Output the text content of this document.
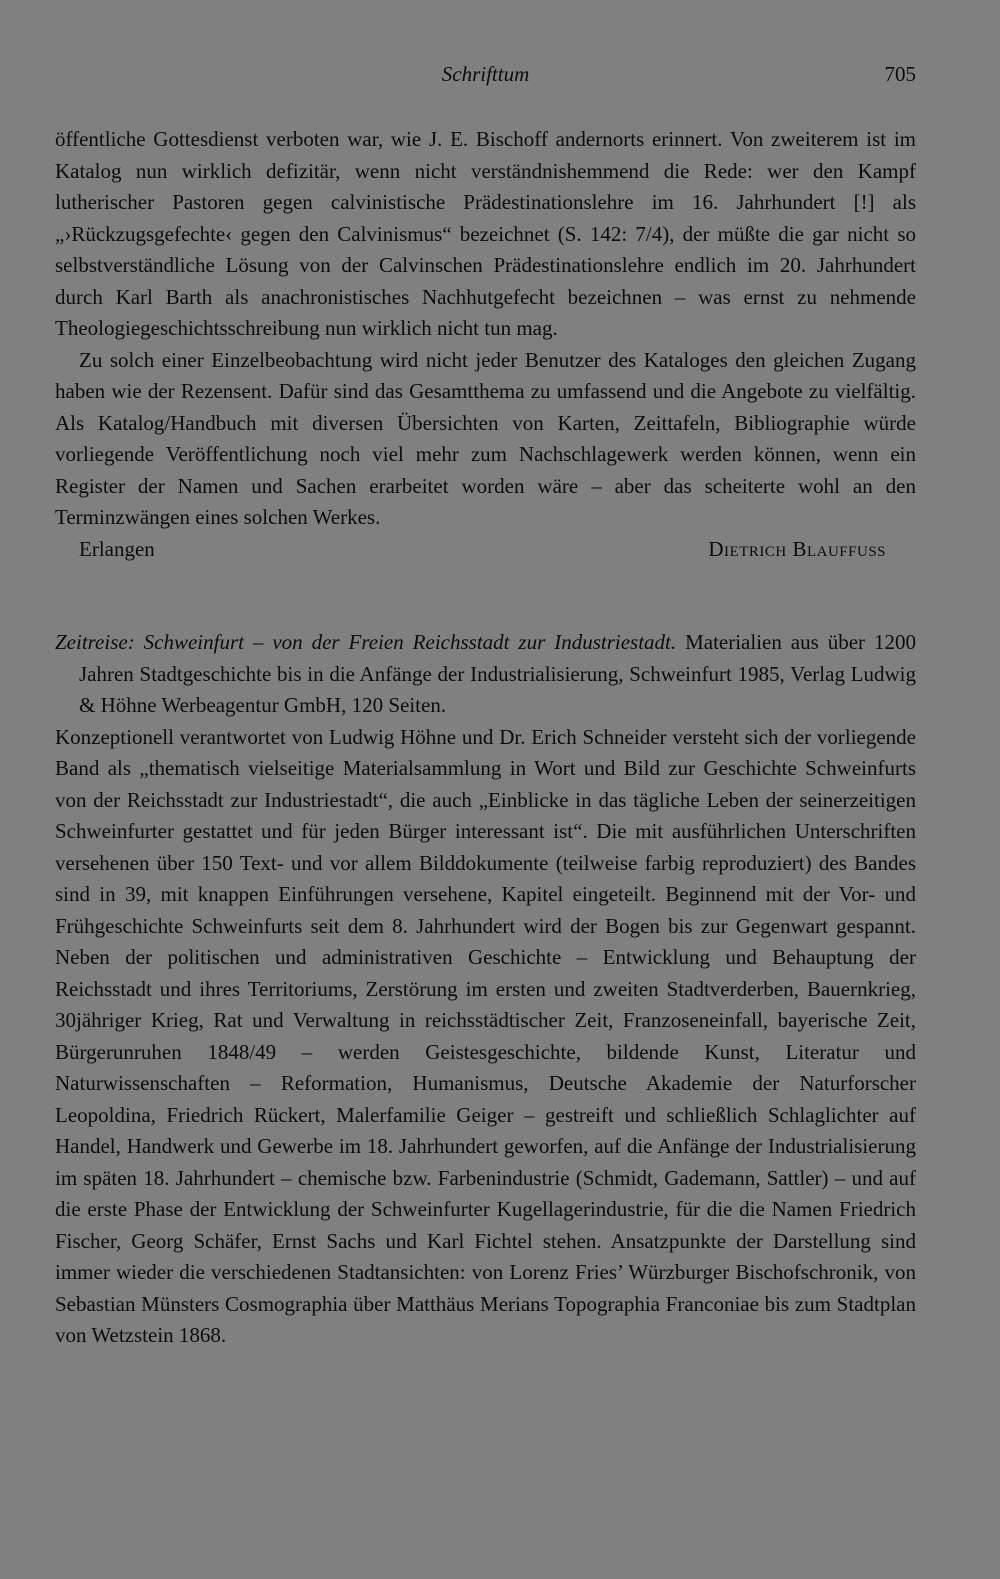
Schrifttum	705

öffentliche Gottesdienst verboten war, wie J. E. Bischoff andernorts erinnert. Von zweiterem ist im Katalog nun wirklich defizitär, wenn nicht verständnishemmend die Rede: wer den Kampf lutherischer Pastoren gegen calvinistische Prädestinationslehre im 16. Jahrhundert [!] als „›Rückzugsgefechte‹ gegen den Calvinismus“ bezeichnet (S. 142: 7/4), der müßte die gar nicht so selbstverständliche Lösung von der Calvinschen Prädestinationslehre endlich im 20. Jahrhundert durch Karl Barth als anachronistisches Nachhutgefecht bezeichnen – was ernst zu nehmende Theologiegeschichtsschreibung nun wirklich nicht tun mag.

Zu solch einer Einzelbeobachtung wird nicht jeder Benutzer des Kataloges den gleichen Zugang haben wie der Rezensent. Dafür sind das Gesamtthema zu umfassend und die Angebote zu vielfältig. Als Katalog/Handbuch mit diversen Übersichten von Karten, Zeittafeln, Bibliographie würde vorliegende Veröffentlichung noch viel mehr zum Nachschlagewerk werden können, wenn ein Register der Namen und Sachen erarbeitet worden wäre – aber das scheiterte wohl an den Terminzwängen eines solchen Werkes.

Erlangen	Dietrich Blauffuss

Zeitreise: Schweinfurt – von der Freien Reichsstadt zur Industriestadt. Materialien aus über 1200 Jahren Stadtgeschichte bis in die Anfänge der Industrialisierung, Schweinfurt 1985, Verlag Ludwig & Höhne Werbeagentur GmbH, 120 Seiten.

Konzeptionell verantwortet von Ludwig Höhne und Dr. Erich Schneider versteht sich der vorliegende Band als „thematisch vielseitige Materialsammlung in Wort und Bild zur Geschichte Schweinfurts von der Reichsstadt zur Industriestadt“, die auch „Einblicke in das tägliche Leben der seinerzeitigen Schweinfurter gestattet und für jeden Bürger interessant ist“. Die mit ausführlichen Unterschriften versehenen über 150 Text- und vor allem Bilddokumente (teilweise farbig reproduziert) des Bandes sind in 39, mit knappen Einführungen versehene, Kapitel eingeteilt. Beginnend mit der Vor- und Frühgeschichte Schweinfurts seit dem 8. Jahrhundert wird der Bogen bis zur Gegenwart gespannt. Neben der politischen und administrativen Geschichte – Entwicklung und Behauptung der Reichsstadt und ihres Territoriums, Zerstörung im ersten und zweiten Stadtverderben, Bauernkrieg, 30jähriger Krieg, Rat und Verwaltung in reichsstädtischer Zeit, Franzoseneinfall, bayerische Zeit, Bürgerunruhen 1848/49 – werden Geistesgeschichte, bildende Kunst, Literatur und Naturwissenschaften – Reformation, Humanismus, Deutsche Akademie der Naturforscher Leopoldina, Friedrich Rückert, Malerfamilie Geiger – gestreift und schließlich Schlaglichter auf Handel, Handwerk und Gewerbe im 18. Jahrhundert geworfen, auf die Anfänge der Industrialisierung im späten 18. Jahrhundert – chemische bzw. Farbenindustrie (Schmidt, Gademann, Sattler) – und auf die erste Phase der Entwicklung der Schweinfurter Kugellagerindustrie, für die die Namen Friedrich Fischer, Georg Schäfer, Ernst Sachs und Karl Fichtel stehen. Ansatzpunkte der Darstellung sind immer wieder die verschiedenen Stadtansichten: von Lorenz Fries’ Würzburger Bischofschronik, von Sebastian Münsters Cosmographia über Matthäus Merians Topographia Franconiae bis zum Stadtplan von Wetzstein 1868.
